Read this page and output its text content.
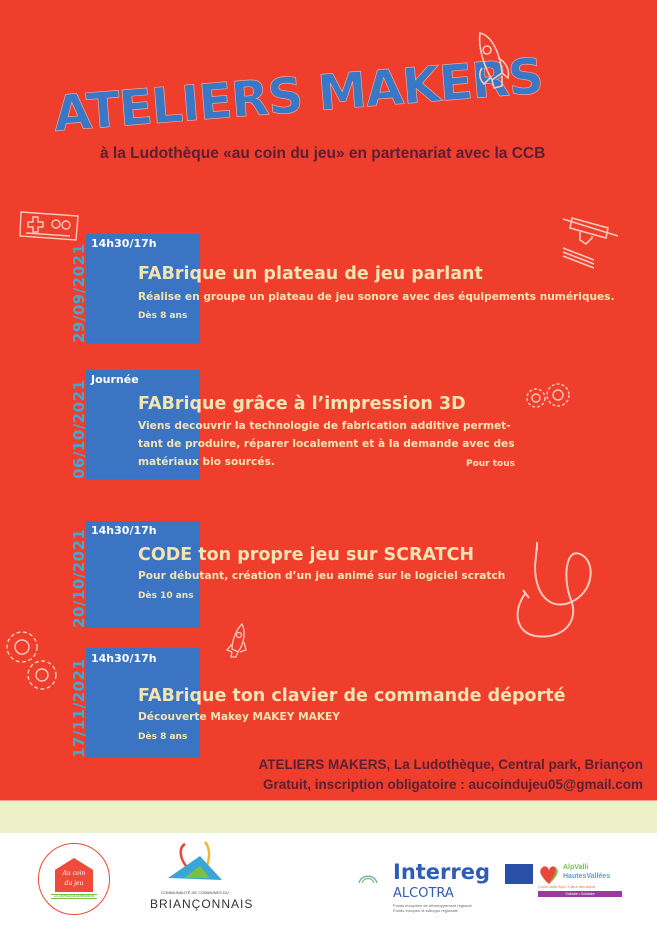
ATELIERS MAKERS
à la Ludothèque «au coin du jeu» en partenariat avec la CCB
29/09/2021
14h30/17h
FABrique un plateau de jeu parlant
Réalise en groupe un plateau de jeu sonore avec des équipements numériques.
Dès 8 ans
06/10/2021
Journée
FABrique grâce à l’impression 3D
Viens decouvrir la technologie de fabrication additive permet-
tant de produire, réparer localement et à la demande avec des
matériaux bio sourcés.	Pour tous
20/10/2021 14h30/17h
CODE ton propre jeu sur SCRATCH
Pour débutant, création d’un jeu animé sur le logiciel scratch
Dès 10 ans
17/11/2021
14h30/17h
FABrique ton clavier de commande déporté
Découverte Makey MAKEY MAKEY
Dès 8 ans
ATELIERS MAKERS, La Ludothèque, Central park, Briançon
Gratuit, inscription obligatoire : aucoindujeu05@gmail.com
Au coin
du jeu
LA LUDOTHEQUE DE BRIANCON
COMMUNAUTÉ DE COMMUNES DU
BRIANÇONNAIS
Interreg
ALCOTRA
Fonds européen de développement régional
Fondo europeo di sviluppo regionale
AlpValli
HautesVallées
Cuore delle Alpi • Cœur des Alpes
Solidale • Solidaire
